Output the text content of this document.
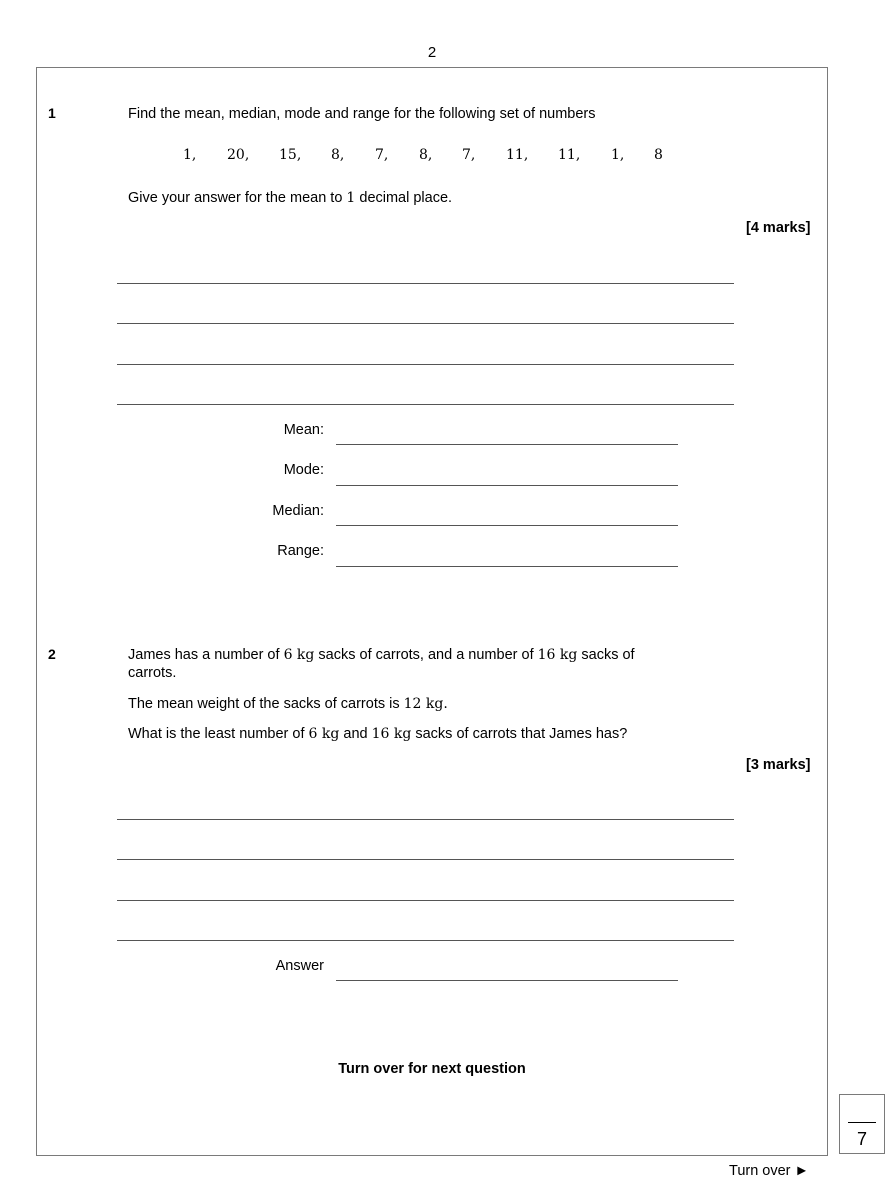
2
1	Find the mean, median, mode and range for the following set of numbers
1, 20, 15, 8, 7, 8, 7, 11, 11, 1, 8
Give your answer for the mean to 1 decimal place.
[4 marks]
Mean:
Mode:
Median:
Range:
2	James has a number of 6 kg sacks of carrots, and a number of 16 kg sacks of
carrots.
The mean weight of the sacks of carrots is 12 kg.
What is the least number of 6 kg and 16 kg sacks of carrots that James has?
[3 marks]
Answer
Turn over for next question
7
Turn over ►
